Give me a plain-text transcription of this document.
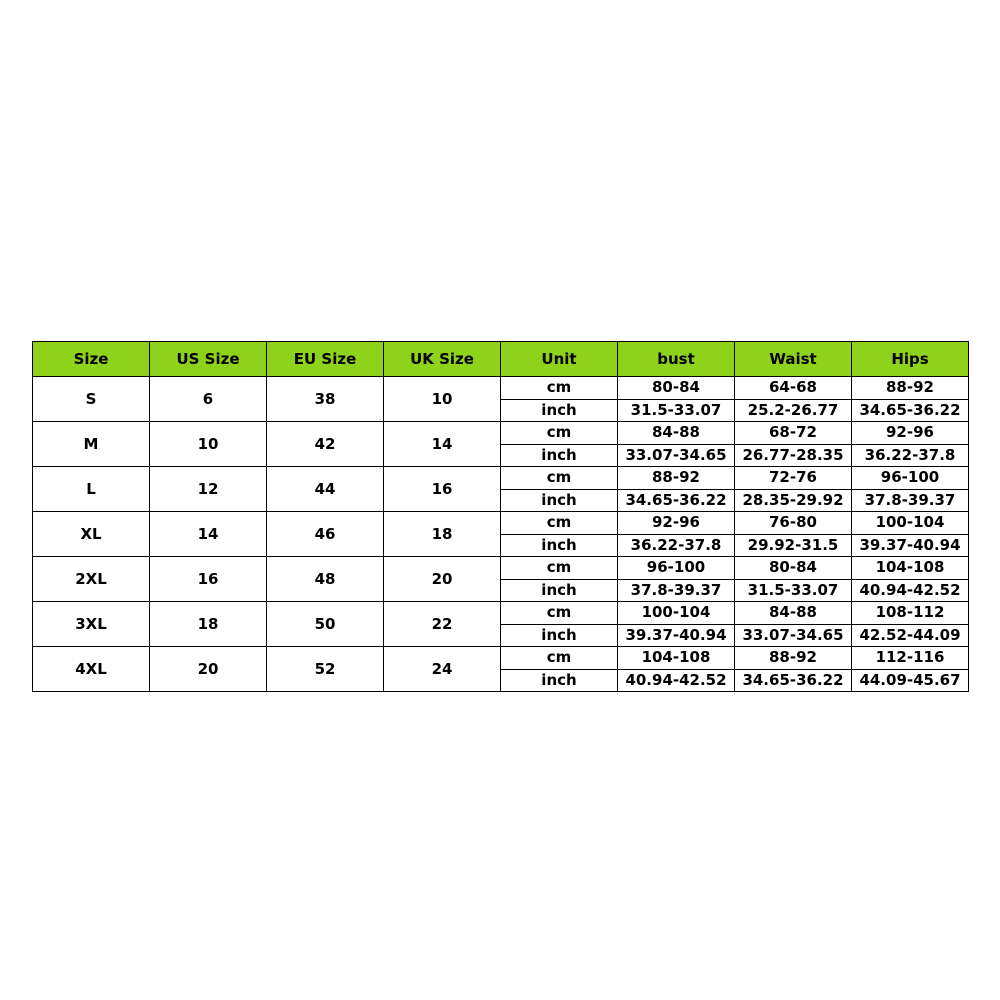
Size	US Size	EU Size	UK Size	Unit	bust	Waist	Hips
S	6	38	10	cm	80-84	64-68	88-92
				inch	31.5-33.07	25.2-26.77	34.65-36.22
M	10	42	14	cm	84-88	68-72	92-96
				inch	33.07-34.65	26.77-28.35	36.22-37.8
L	12	44	16	cm	88-92	72-76	96-100
				inch	34.65-36.22	28.35-29.92	37.8-39.37
XL	14	46	18	cm	92-96	76-80	100-104
				inch	36.22-37.8	29.92-31.5	39.37-40.94
2XL	16	48	20	cm	96-100	80-84	104-108
				inch	37.8-39.37	31.5-33.07	40.94-42.52
3XL	18	50	22	cm	100-104	84-88	108-112
				inch	39.37-40.94	33.07-34.65	42.52-44.09
4XL	20	52	24	cm	104-108	88-92	112-116
				inch	40.94-42.52	34.65-36.22	44.09-45.67
